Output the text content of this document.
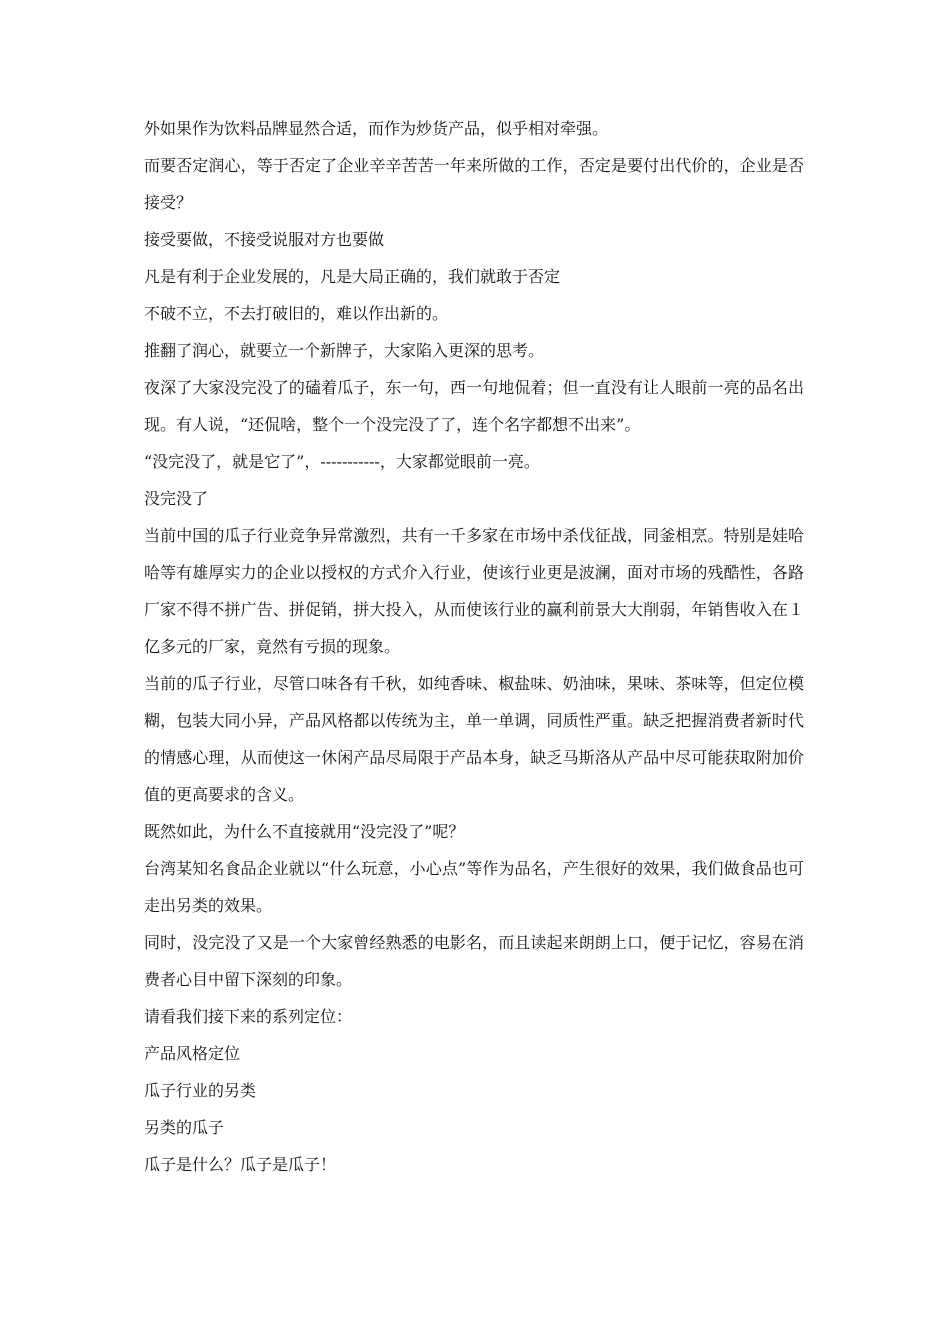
外如果作为饮料品牌显然合适，而作为炒货产品，似乎相对牵强。

而要否定润心，等于否定了企业辛辛苦苦一年来所做的工作，否定是要付出代价的，企业是否接受？

接受要做，不接受说服对方也要做

凡是有利于企业发展的，凡是大局正确的，我们就敢于否定

不破不立，不去打破旧的，难以作出新的。

推翻了润心，就要立一个新牌子，大家陷入更深的思考。

夜深了大家没完没了的磕着瓜子，东一句，西一句地侃着；但一直没有让人眼前一亮的品名出现。有人说，“还侃啥，整个一个没完没了了，连个名字都想不出来”。

“没完没了，就是它了”，-----------，大家都觉眼前一亮。

没完没了

当前中国的瓜子行业竞争异常激烈，共有一千多家在市场中杀伐征战，同釜相烹。特别是娃哈哈等有雄厚实力的企业以授权的方式介入行业，使该行业更是波澜，面对市场的残酷性，各路厂家不得不拼广告、拼促销，拼大投入，从而使该行业的赢利前景大大削弱，年销售收入在１亿多元的厂家，竟然有亏损的现象。

当前的瓜子行业，尽管口味各有千秋，如纯香味、椒盐味、奶油味，果味、茶味等，但定位模糊，包装大同小异，产品风格都以传统为主，单一单调，同质性严重。缺乏把握消费者新时代的情感心理，从而使这一休闲产品尽局限于产品本身，缺乏马斯洛从产品中尽可能获取附加价值的更高要求的含义。

既然如此，为什么不直接就用“没完没了”呢？

台湾某知名食品企业就以“什么玩意，小心点”等作为品名，产生很好的效果，我们做食品也可走出另类的效果。

同时，没完没了又是一个大家曾经熟悉的电影名，而且读起来朗朗上口，便于记忆，容易在消费者心目中留下深刻的印象。

请看我们接下来的系列定位：

产品风格定位

瓜子行业的另类

另类的瓜子

瓜子是什么？瓜子是瓜子！
